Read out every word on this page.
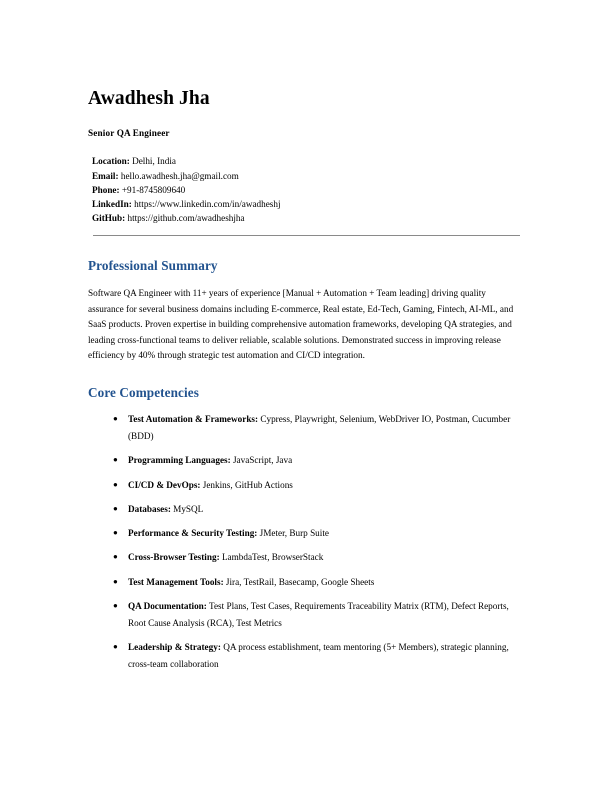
Awadhesh Jha
Senior QA Engineer
Location: Delhi, India
Email: hello.awadhesh.jha@gmail.com
Phone: +91-8745809640
LinkedIn: https://www.linkedin.com/in/awadheshj
GitHub: https://github.com/awadheshjha
Professional Summary

Software QA Engineer with 11+ years of experience [Manual + Automation + Team leading] driving quality assurance for several business domains including E-commerce, Real estate, Ed-Tech, Gaming, Fintech, AI-ML, and SaaS products. Proven expertise in building comprehensive automation frameworks, developing QA strategies, and leading cross-functional teams to deliver reliable, scalable solutions. Demonstrated success in improving release efficiency by 40% through strategic test automation and CI/CD integration.

Core Competencies
● Test Automation & Frameworks: Cypress, Playwright, Selenium, WebDriver IO, Postman, Cucumber (BDD)
● Programming Languages: JavaScript, Java
● CI/CD & DevOps: Jenkins, GitHub Actions
● Databases: MySQL
● Performance & Security Testing: JMeter, Burp Suite
● Cross-Browser Testing: LambdaTest, BrowserStack
● Test Management Tools: Jira, TestRail, Basecamp, Google Sheets
● QA Documentation: Test Plans, Test Cases, Requirements Traceability Matrix (RTM), Defect Reports, Root Cause Analysis (RCA), Test Metrics
● Leadership & Strategy: QA process establishment, team mentoring (5+ Members), strategic planning, cross-team collaboration
